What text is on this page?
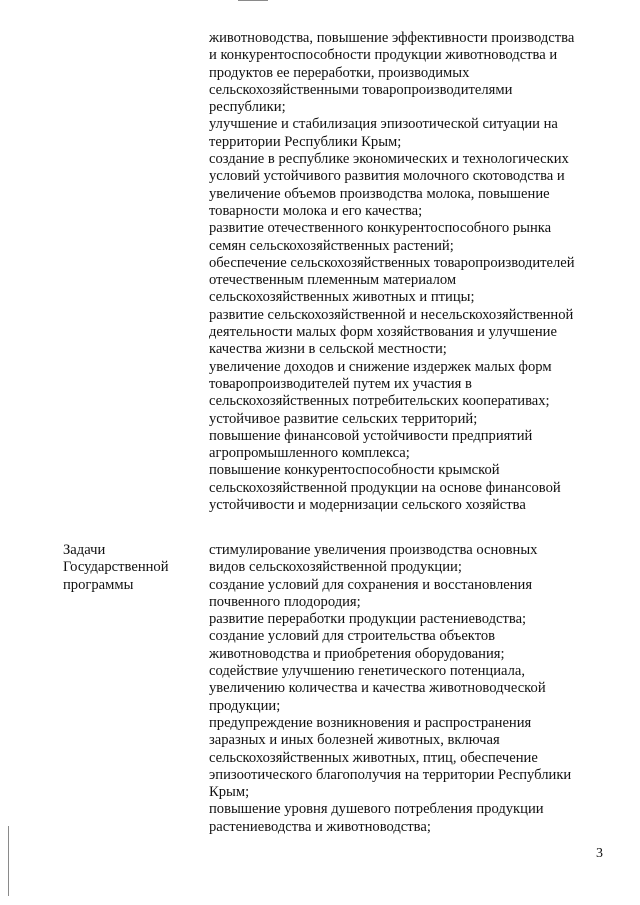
животноводства, повышение эффективности производства
и конкурентоспособности продукции животноводства и
продуктов ее переработки, производимых
сельскохозяйственными товаропроизводителями
республики;
улучшение и стабилизация эпизоотической ситуации на
территории Республики Крым;
создание в республике экономических и технологических
условий устойчивого развития молочного скотоводства и
увеличение объемов производства молока, повышение
товарности молока и его качества;
развитие отечественного конкурентоспособного рынка
семян сельскохозяйственных растений;
обеспечение сельскохозяйственных товаропроизводителей
отечественным племенным материалом
сельскохозяйственных животных и птицы;
развитие сельскохозяйственной и несельскохозяйственной
деятельности малых форм хозяйствования и улучшение
качества жизни в сельской местности;
увеличение доходов и снижение издержек малых форм
товаропроизводителей путем их участия в
сельскохозяйственных потребительских кооперативах;
устойчивое развитие сельских территорий;
повышение финансовой устойчивости предприятий
агропромышленного комплекса;
повышение конкурентоспособности крымской
сельскохозяйственной продукции на основе финансовой
устойчивости и модернизации сельского хозяйства
Задачи
Государственной
программы
стимулирование увеличения производства основных
видов сельскохозяйственной продукции;
создание условий для сохранения и восстановления
почвенного плодородия;
развитие переработки продукции растениеводства;
создание условий для строительства объектов
животноводства и приобретения оборудования;
содействие улучшению генетического потенциала,
увеличению количества и качества животноводческой
продукции;
предупреждение возникновения и распространения
заразных и иных болезней животных, включая
сельскохозяйственных животных, птиц, обеспечение
эпизоотического благополучия на территории Республики
Крым;
повышение уровня душевого потребления продукции
растениеводства и животноводства;
3
